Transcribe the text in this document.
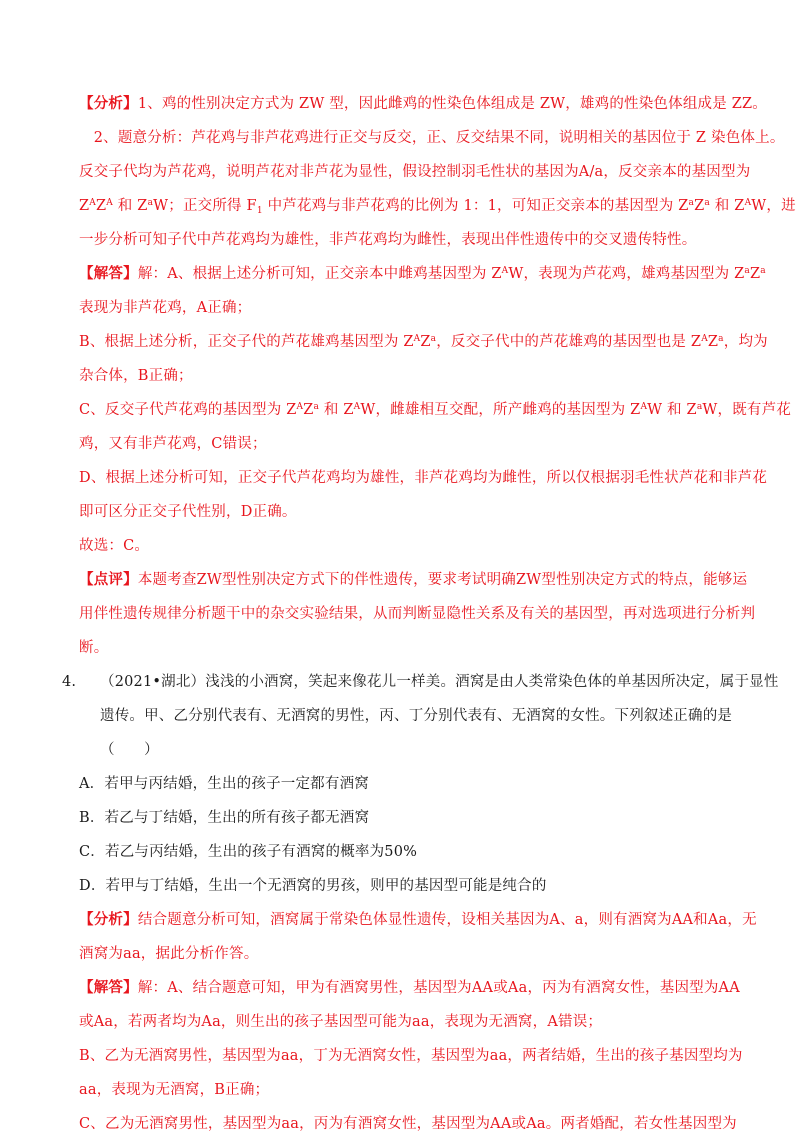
【分析】1、鸡的性别决定方式为 ZW 型，因此雌鸡的性染色体组成是 ZW，雄鸡的性染色体组成是 ZZ。
　2、题意分析：芦花鸡与非芦花鸡进行正交与反交，正、反交结果不同，说明相关的基因位于 Z 染色体上。
反交子代均为芦花鸡，说明芦花对非芦花为显性，假设控制羽毛性状的基因为A/a，反交亲本的基因型为
$Z^AZ^A$ 和 $Z^aW$；正交所得 $F_1$ 中芦花鸡与非芦花鸡的比例为 1：1，可知正交亲本的基因型为 $Z^aZ^a$ 和 $Z^AW$，进
一步分析可知子代中芦花鸡均为雄性，非芦花鸡均为雌性，表现出伴性遗传中的交叉遗传特性。
【解答】解：A、根据上述分析可知，正交亲本中雌鸡基因型为 $Z^AW$，表现为芦花鸡，雄鸡基因型为 $Z^aZ^a$
表现为非芦花鸡，A正确；
B、根据上述分析，正交子代的芦花雄鸡基因型为 $Z^AZ^a$，反交子代中的芦花雄鸡的基因型也是 $Z^AZ^a$，均为
杂合体，B正确；
C、反交子代芦花鸡的基因型为 $Z^AZ^a$ 和 $Z^AW$，雌雄相互交配，所产雌鸡的基因型为 $Z^AW$ 和 $Z^aW$，既有芦花
鸡，又有非芦花鸡，C错误；
D、根据上述分析可知，正交子代芦花鸡均为雄性，非芦花鸡均为雌性，所以仅根据羽毛性状芦花和非芦花
即可区分正交子代性别，D正确。
故选：C。
【点评】本题考查ZW型性别决定方式下的伴性遗传，要求考试明确ZW型性别决定方式的特点，能够运
用伴性遗传规律分析题干中的杂交实验结果，从而判断显隐性关系及有关的基因型，再对选项进行分析判
断。
4. （2021•湖北）浅浅的小酒窝，笑起来像花儿一样美。酒窝是由人类常染色体的单基因所决定，属于显性
遗传。甲、乙分别代表有、无酒窝的男性，丙、丁分别代表有、无酒窝的女性。下列叙述正确的是
（　　）
A．若甲与丙结婚，生出的孩子一定都有酒窝
B．若乙与丁结婚，生出的所有孩子都无酒窝
C．若乙与丙结婚，生出的孩子有酒窝的概率为50%
D．若甲与丁结婚，生出一个无酒窝的男孩，则甲的基因型可能是纯合的
【分析】结合题意分析可知，酒窝属于常染色体显性遗传，设相关基因为A、a，则有酒窝为AA和Aa，无
酒窝为aa，据此分析作答。
【解答】解：A、结合题意可知，甲为有酒窝男性，基因型为AA或Aa，丙为有酒窝女性，基因型为AA
或Aa，若两者均为Aa，则生出的孩子基因型可能为aa，表现为无酒窝，A错误；
B、乙为无酒窝男性，基因型为aa，丁为无酒窝女性，基因型为aa，两者结婚，生出的孩子基因型均为
aa，表现为无酒窝，B正确；
C、乙为无酒窝男性，基因型为aa，丙为有酒窝女性，基因型为AA或Aa。两者婚配，若女性基因型为
